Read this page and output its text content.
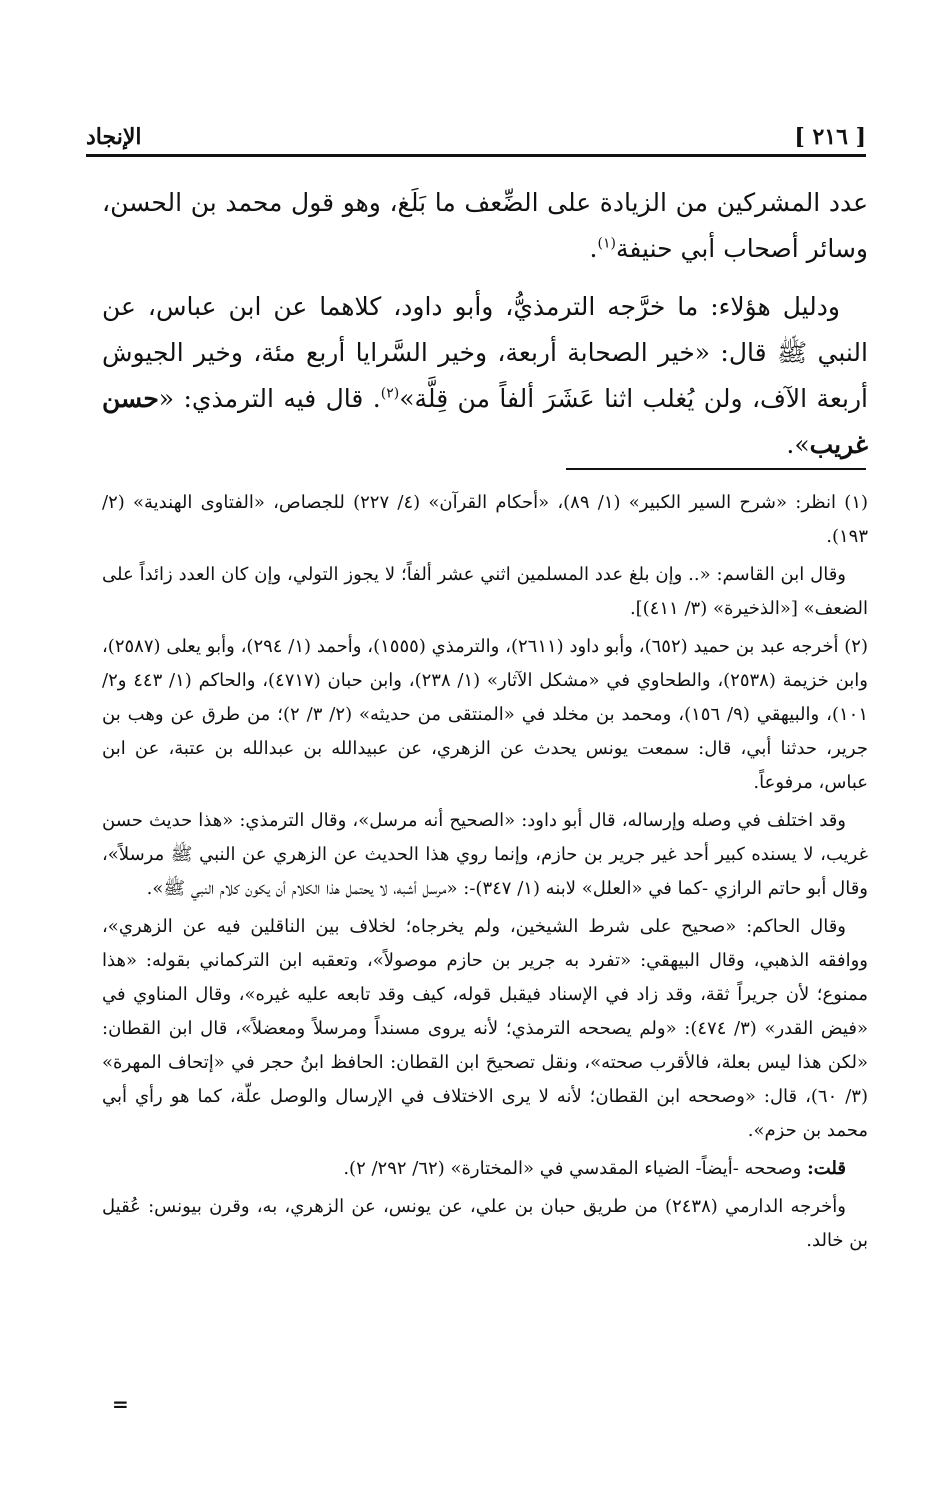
[ ٢١٦ ]
الإنجاد

عدد المشركين من الزيادة على الضِّعف ما بَلَغ، وهو قول محمد بن الحسن، وسائر أصحاب أبي حنيفة$^{(١)}$.

ودليل هؤلاء: ما خرَّجه الترمذيُّ، وأبو داود، كلاهما عن ابن عباس، عن النبي ﷺ قال: «خير الصحابة أربعة، وخير السَّرايا أربع مئة، وخير الجيوش أربعة الآف، ولن يُغلب اثنا عَشَرَ ألفاً من قِلَّة»$^{(٢)}$. قال فيه الترمذي: «حسن غريب».

(١) انظر: «شرح السير الكبير» (١/ ٨٩)، «أحكام القرآن» (٤/ ٢٢٧) للجصاص، «الفتاوى الهندية» (٢/ ١٩٣).

وقال ابن القاسم: «.. وإن بلغ عدد المسلمين اثني عشر ألفاً؛ لا يجوز التولي، وإن كان العدد زائداً على الضعف» [«الذخيرة» (٣/ ٤١١)].

(٢) أخرجه عبد بن حميد (٦٥٢)، وأبو داود (٢٦١١)، والترمذي (١٥٥٥)، وأحمد (١/ ٢٩٤)، وأبو يعلى (٢٥٨٧)، وابن خزيمة (٢٥٣٨)، والطحاوي في «مشكل الآثار» (١/ ٢٣٨)، وابن حبان (٤٧١٧)، والحاكم (١/ ٤٤٣ و٢/ ١٠١)، والبيهقي (٩/ ١٥٦)، ومحمد بن مخلد في «المنتقى من حديثه» (٢/ ٣/ ٢)؛ من طرق عن وهب بن جرير، حدثنا أبي، قال: سمعت يونس يحدث عن الزهري، عن عبيدالله بن عبدالله بن عتبة، عن ابن عباس، مرفوعاً.

وقد اختلف في وصله وإرساله، قال أبو داود: «الصحيح أنه مرسل»، وقال الترمذي: «هذا حديث حسن غريب، لا يسنده كبير أحد غير جرير بن حازم، وإنما روي هذا الحديث عن الزهري عن النبي ﷺ مرسلاً»، وقال أبو حاتم الرازي -كما في «العلل» لابنه (١/ ٣٤٧)-: «مرسل أشبه، لا يحتمل هذا الكلام أن يكون كلام النبي ﷺ».

وقال الحاكم: «صحيح على شرط الشيخين، ولم يخرجاه؛ لخلاف بين الناقلين فيه عن الزهري»، ووافقه الذهبي، وقال البيهقي: «تفرد به جرير بن حازم موصولاً»، وتعقبه ابن التركماني بقوله: «هذا ممنوع؛ لأن جريراً ثقة، وقد زاد في الإسناد فيقبل قوله، كيف وقد تابعه عليه غيره»، وقال المناوي في «فيض القدر» (٣/ ٤٧٤): «ولم يصححه الترمذي؛ لأنه يروى مسنداً ومرسلاً ومعضلاً»، قال ابن القطان: «لكن هذا ليس بعلة، فالأقرب صحته»، ونقل تصحيحَ ابن القطان: الحافظ ابنُ حجر في «إتحاف المهرة» (٣/ ٦٠)، قال: «وصححه ابن القطان؛ لأنه لا يرى الاختلاف في الإرسال والوصل علّة، كما هو رأي أبي محمد بن حزم».

قلت: وصححه -أيضاً- الضياء المقدسي في «المختارة» (٦٢/ ٢٩٢/ ٢).

وأخرجه الدارمي (٢٤٣٨) من طريق حبان بن علي، عن يونس، عن الزهري، به، وقرن بيونس: عُقيل بن خالد.

=
